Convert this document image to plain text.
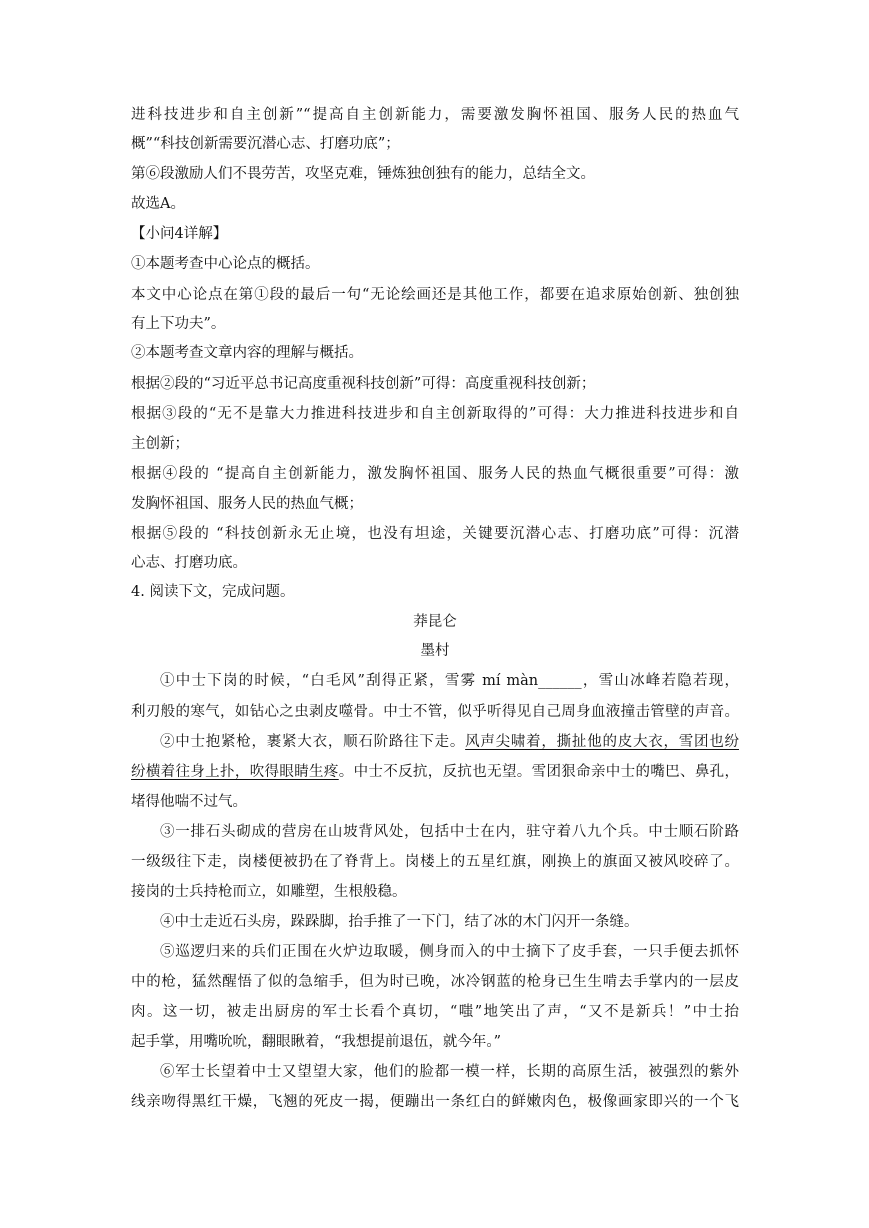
进科技进步和自主创新”“提高自主创新能力，需要激发胸怀祖国、服务人民的热血气
概”“科技创新需要沉潜心志、打磨功底”；
第⑥段激励人们不畏劳苦，攻坚克难，锤炼独创独有的能力，总结全文。
故选A。
【小问4详解】
①本题考查中心论点的概括。
本文中心论点在第①段的最后一句“无论绘画还是其他工作，都要在追求原始创新、独创独
有上下功夫”。
②本题考查文章内容的理解与概括。
根据②段的“习近平总书记高度重视科技创新”可得：高度重视科技创新；
根据③段的“无不是靠大力推进科技进步和自主创新取得的”可得：大力推进科技进步和自
主创新；
根据④段的 “提高自主创新能力，激发胸怀祖国、服务人民的热血气概很重要”可得：激
发胸怀祖国、服务人民的热血气概；
根据⑤段的 “科技创新永无止境，也没有坦途，关键要沉潜心志、打磨功底”可得：沉潜
心志、打磨功底。
4. 阅读下文，完成问题。
莽昆仑
墨村
①中士下岗的时候，“白毛风”刮得正紧，雪雾 mí màn______，雪山冰峰若隐若现，
利刃般的寒气，如钻心之虫剥皮噬骨。中士不管，似乎听得见自己周身血液撞击管壁的声音。
②中士抱紧枪，裹紧大衣，顺石阶路往下走。风声尖啸着，撕扯他的皮大衣，雪团也纷
纷横着往身上扑，吹得眼睛生疼。中士不反抗，反抗也无望。雪团狠命亲中士的嘴巴、鼻孔，
堵得他喘不过气。
③一排石头砌成的营房在山坡背风处，包括中士在内，驻守着八九个兵。中士顺石阶路
一级级往下走，岗楼便被扔在了脊背上。岗楼上的五星红旗，刚换上的旗面又被风咬碎了。
接岗的士兵持枪而立，如雕塑，生根般稳。
④中士走近石头房，跺跺脚，抬手推了一下门，结了冰的木门闪开一条缝。
⑤巡逻归来的兵们正围在火炉边取暖，侧身而入的中士摘下了皮手套，一只手便去抓怀
中的枪，猛然醒悟了似的急缩手，但为时已晚，冰冷钢蓝的枪身已生生啃去手掌内的一层皮
肉。这一切，被走出厨房的军士长看个真切，“嗤”地笑出了声，“又不是新兵！”中士抬
起手掌，用嘴吮吮，翻眼瞅着，“我想提前退伍，就今年。”
⑥军士长望着中士又望望大家，他们的脸都一模一样，长期的高原生活，被强烈的紫外
线亲吻得黑红干燥，飞翘的死皮一揭，便蹦出一条红白的鲜嫩肉色，极像画家即兴的一个飞
